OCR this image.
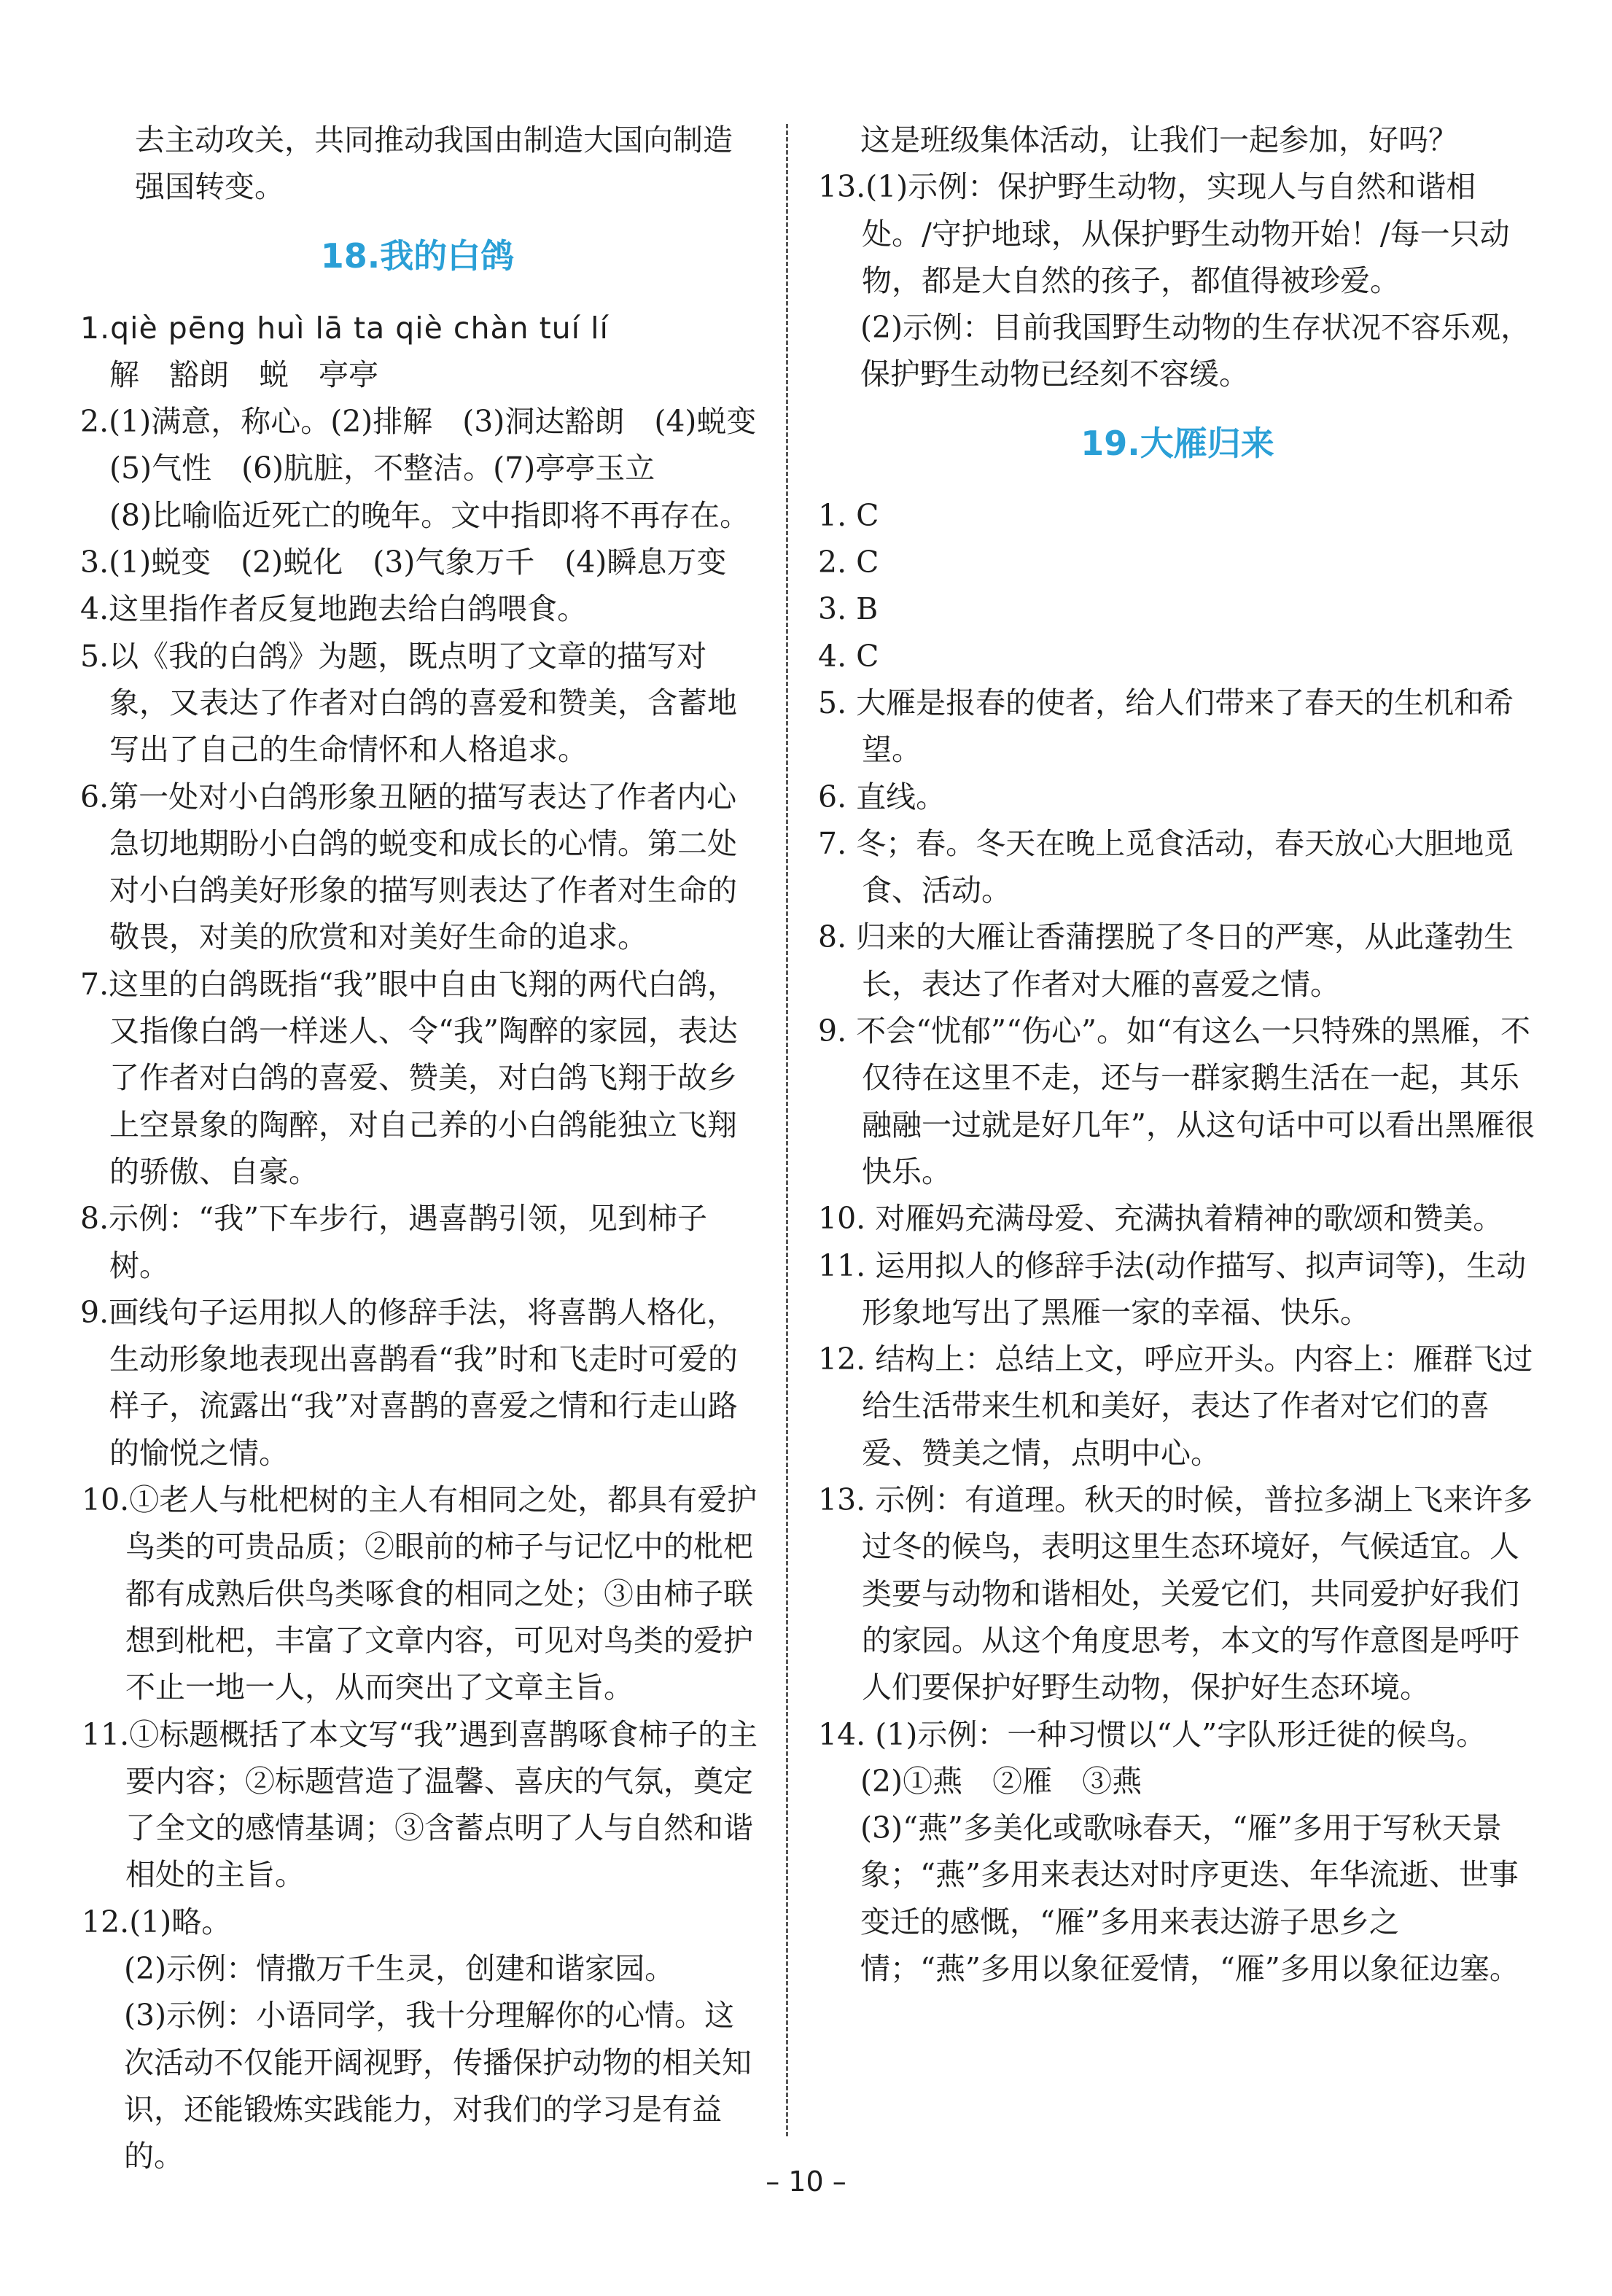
去主动攻关，共同推动我国由制造大国向制造强国转变。

18.我的白鸽

1.qiè pēng huì lā ta qiè chàn tuí lí

解　豁朗　蜕　亭亭

2.(1)满意，称心。(2)排解　(3)洞达豁朗　(4)蜕变　(5)气性　(6)肮脏，不整洁。(7)亭亭玉立

(8)比喻临近死亡的晚年。文中指即将不再存在。

3.(1)蜕变　(2)蜕化　(3)气象万千　(4)瞬息万变

4.这里指作者反复地跑去给白鸽喂食。

5.以《我的白鸽》为题，既点明了文章的描写对象，又表达了作者对白鸽的喜爱和赞美，含蓄地写出了自己的生命情怀和人格追求。

6.第一处对小白鸽形象丑陋的描写表达了作者内心急切地期盼小白鸽的蜕变和成长的心情。第二处对小白鸽美好形象的描写则表达了作者对生命的敬畏，对美的欣赏和对美好生命的追求。

7.这里的白鸽既指“我”眼中自由飞翔的两代白鸽，又指像白鸽一样迷人、令“我”陶醉的家园，表达了作者对白鸽的喜爱、赞美，对白鸽飞翔于故乡上空景象的陶醉，对自己养的小白鸽能独立飞翔的骄傲、自豪。

8.示例：“我”下车步行，遇喜鹊引领，见到柿子树。

9.画线句子运用拟人的修辞手法，将喜鹊人格化，生动形象地表现出喜鹊看“我”时和飞走时可爱的样子，流露出“我”对喜鹊的喜爱之情和行走山路的愉悦之情。

10.①老人与枇杷树的主人有相同之处，都具有爱护鸟类的可贵品质；②眼前的柿子与记忆中的枇杷都有成熟后供鸟类啄食的相同之处；③由柿子联想到枇杷，丰富了文章内容，可见对鸟类的爱护不止一地一人，从而突出了文章主旨。

11.①标题概括了本文写“我”遇到喜鹊啄食柿子的主要内容；②标题营造了温馨、喜庆的气氛，奠定了全文的感情基调；③含蓄点明了人与自然和谐相处的主旨。

12.(1)略。

(2)示例：情撒万千生灵，创建和谐家园。

(3)示例：小语同学，我十分理解你的心情。这次活动不仅能开阔视野，传播保护动物的相关知识，还能锻炼实践能力，对我们的学习是有益的。

这是班级集体活动，让我们一起参加，好吗？

13.(1)示例：保护野生动物，实现人与自然和谐相处。/守护地球，从保护野生动物开始！/每一只动物，都是大自然的孩子，都值得被珍爱。

(2)示例：目前我国野生动物的生存状况不容乐观，保护野生动物已经刻不容缓。

19.大雁归来

1. C

2. C

3. B

4. C

5. 大雁是报春的使者，给人们带来了春天的生机和希望。

6. 直线。

7. 冬；春。冬天在晚上觅食活动，春天放心大胆地觅食、活动。

8. 归来的大雁让香蒲摆脱了冬日的严寒，从此蓬勃生长，表达了作者对大雁的喜爱之情。

9. 不会“忧郁”“伤心”。如“有这么一只特殊的黑雁，不仅待在这里不走，还与一群家鹅生活在一起，其乐融融一过就是好几年”，从这句话中可以看出黑雁很快乐。

10. 对雁妈充满母爱、充满执着精神的歌颂和赞美。

11. 运用拟人的修辞手法(动作描写、拟声词等)，生动形象地写出了黑雁一家的幸福、快乐。

12. 结构上：总结上文，呼应开头。内容上：雁群飞过给生活带来生机和美好，表达了作者对它们的喜爱、赞美之情，点明中心。

13. 示例：有道理。秋天的时候，普拉多湖上飞来许多过冬的候鸟，表明这里生态环境好，气候适宜。人类要与动物和谐相处，关爱它们，共同爱护好我们的家园。从这个角度思考，本文的写作意图是呼吁人们要保护好野生动物，保护好生态环境。

14. (1)示例：一种习惯以“人”字队形迁徙的候鸟。

(2)①燕　②雁　③燕

(3)“燕”多美化或歌咏春天，“雁”多用于写秋天景象；“燕”多用来表达对时序更迭、年华流逝、世事变迁的感慨，“雁”多用来表达游子思乡之情；“燕”多用以象征爱情，“雁”多用以象征边塞。

– 10 –
